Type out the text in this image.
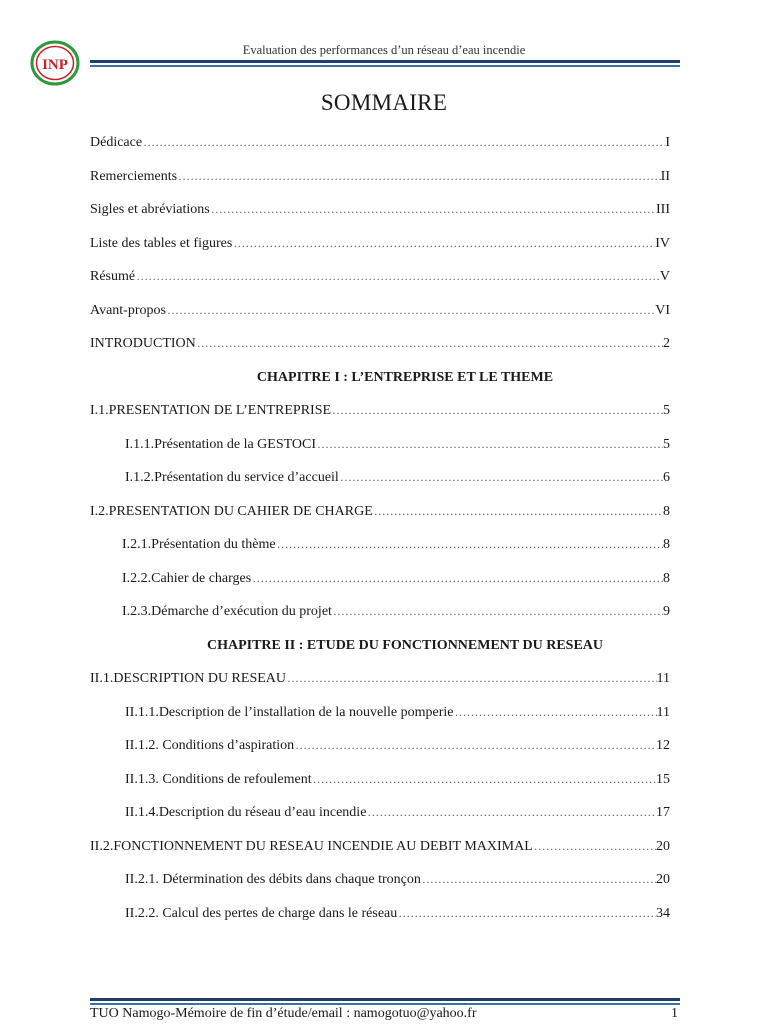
INP
Evaluation des performances d’un réseau d’eau incendie
SOMMAIRE
Dédicace …………………………………………………………………………………………………………………………………………………………………………………………………	I
Remerciements …………………………………………………………………………………………………………………………………………………………………………………………………	II
Sigles et abréviations …………………………………………………………………………………………………………………………………………………………………………………………………	III
Liste des tables et figures …………………………………………………………………………………………………………………………………………………………………………………………………	IV
Résumé …………………………………………………………………………………………………………………………………………………………………………………………………	V
Avant-propos …………………………………………………………………………………………………………………………………………………………………………………………………	VI
INTRODUCTION …………………………………………………………………………………………………………………………………………………………………………………………………	2
CHAPITRE I : L’ENTREPRISE ET LE THEME
I.1.PRESENTATION DE L’ENTREPRISE …………………………………………………………………………………………………………………………………………………………………………………………………	5
I.1.1.Présentation de la GESTOCI …………………………………………………………………………………………………………………………………………………………………………………………………	5
I.1.2.Présentation du service d’accueil …………………………………………………………………………………………………………………………………………………………………………………………………	6
I.2.PRESENTATION DU CAHIER DE CHARGE …………………………………………………………………………………………………………………………………………………………………………………………………	8
I.2.1.Présentation du thème …………………………………………………………………………………………………………………………………………………………………………………………………	8
I.2.2.Cahier de charges …………………………………………………………………………………………………………………………………………………………………………………………………	8
I.2.3.Démarche d’exécution du projet …………………………………………………………………………………………………………………………………………………………………………………………………	9
CHAPITRE II : ETUDE DU FONCTIONNEMENT DU RESEAU
II.1.DESCRIPTION DU RESEAU …………………………………………………………………………………………………………………………………………………………………………………………………	11
II.1.1.Description de l’installation de la nouvelle pomperie …………………………………………………………………………………………………………………………………………………………………………………………………	11
II.1.2. Conditions d’aspiration …………………………………………………………………………………………………………………………………………………………………………………………………	12
II.1.3. Conditions de refoulement …………………………………………………………………………………………………………………………………………………………………………………………………	15
II.1.4.Description du réseau d’eau incendie …………………………………………………………………………………………………………………………………………………………………………………………………	17
II.2.FONCTIONNEMENT DU RESEAU INCENDIE AU DEBIT MAXIMAL …………………………………………………………………………………………………………………………………………………………………………………………………	20
II.2.1. Détermination des débits dans chaque tronçon …………………………………………………………………………………………………………………………………………………………………………………………………	20
II.2.2. Calcul des pertes de charge dans le réseau …………………………………………………………………………………………………………………………………………………………………………………………………	34
TUO Namogo-Mémoire de fin d’étude/email : namogotuo@yahoo.fr	1
